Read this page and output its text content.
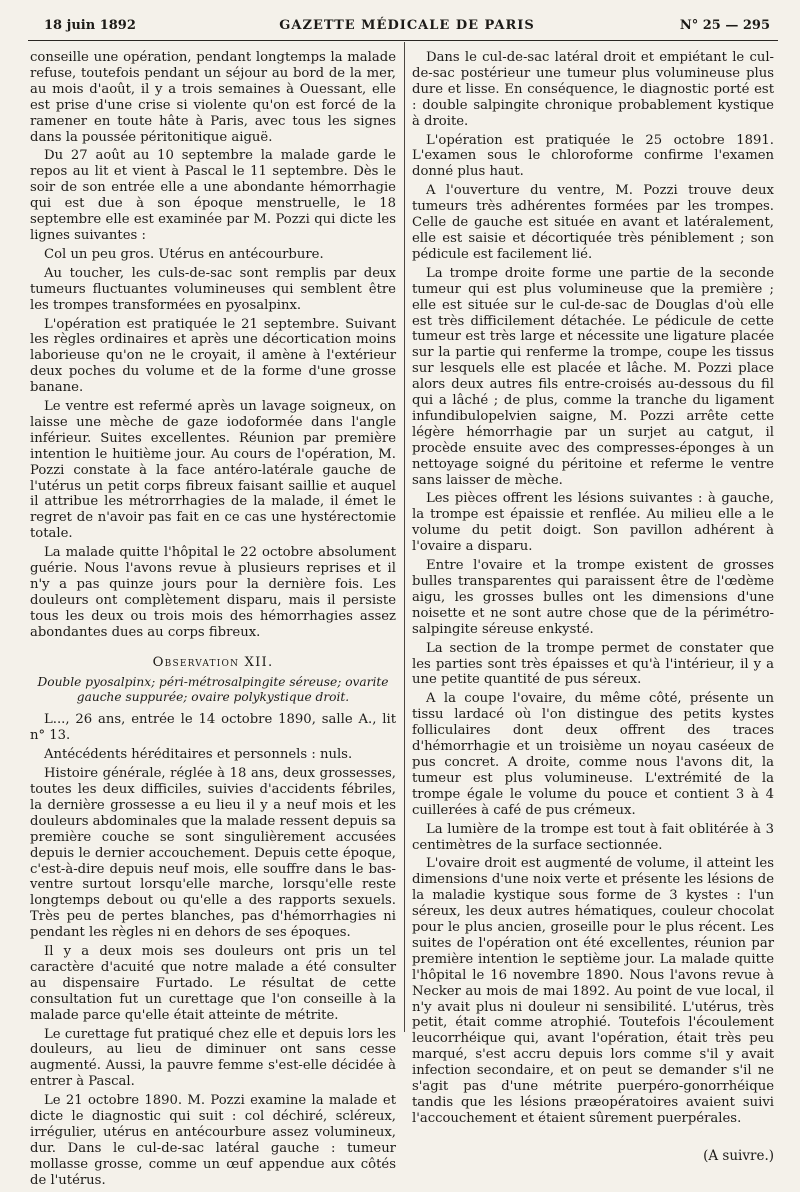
18 juin 1892	GAZETTE MÉDICALE DE PARIS	N° 25 — 295

conseille une opération, pendant longtemps la malade refuse, toutefois pendant un séjour au bord de la mer, au mois d'août, il y a trois semaines à Ouessant, elle est prise d'une crise si violente qu'on est forcé de la ramener en toute hâte à Paris, avec tous les signes dans la poussée péritonitique aiguë.

Du 27 août au 10 septembre la malade garde le repos au lit et vient à Pascal le 11 septembre. Dès le soir de son entrée elle a une abondante hémorrhagie qui est due à son époque menstruelle, le 18 septembre elle est examinée par M. Pozzi qui dicte les lignes suivantes :

Col un peu gros. Utérus en antécourbure.

Au toucher, les culs-de-sac sont remplis par deux tumeurs fluctuantes volumineuses qui semblent être les trompes transformées en pyosalpinx.

L'opération est pratiquée le 21 septembre. Suivant les règles ordinaires et après une décortication moins laborieuse qu'on ne le croyait, il amène à l'extérieur deux poches du volume et de la forme d'une grosse banane.

Le ventre est refermé après un lavage soigneux, on laisse une mèche de gaze iodoformée dans l'angle inférieur. Suites excellentes. Réunion par première intention le huitième jour. Au cours de l'opération, M. Pozzi constate à la face antéro-latérale gauche de l'utérus un petit corps fibreux faisant saillie et auquel il attribue les métrorrhagies de la malade, il émet le regret de n'avoir pas fait en ce cas une hystérectomie totale.

La malade quitte l'hôpital le 22 octobre absolument guérie. Nous l'avons revue à plusieurs reprises et il n'y a pas quinze jours pour la dernière fois. Les douleurs ont complètement disparu, mais il persiste tous les deux ou trois mois des hémorrhagies assez abondantes dues au corps fibreux.

Observation XII.

Double pyosalpinx; péri-métrosalpingite séreuse; ovarite gauche suppurée; ovaire polykystique droit.

L..., 26 ans, entrée le 14 octobre 1890, salle A., lit n° 13.

Antécédents héréditaires et personnels : nuls.

Histoire générale, réglée à 18 ans, deux grossesses, toutes les deux difficiles, suivies d'accidents fébriles, la dernière grossesse a eu lieu il y a neuf mois et les douleurs abdominales que la malade ressent depuis sa première couche se sont singulièrement accusées depuis le dernier accouchement. Depuis cette époque, c'est-à-dire depuis neuf mois, elle souffre dans le bas-ventre surtout lorsqu'elle marche, lorsqu'elle reste longtemps debout ou qu'elle a des rapports sexuels. Très peu de pertes blanches, pas d'hémorrhagies ni pendant les règles ni en dehors de ses époques.

Il y a deux mois ses douleurs ont pris un tel caractère d'acuité que notre malade a été consulter au dispensaire Furtado. Le résultat de cette consultation fut un curettage que l'on conseille à la malade parce qu'elle était atteinte de métrite.

Le curettage fut pratiqué chez elle et depuis lors les douleurs, au lieu de diminuer ont sans cesse augmenté. Aussi, la pauvre femme s'est-elle décidée à entrer à Pascal.

Le 21 octobre 1890. M. Pozzi examine la malade et dicte le diagnostic qui suit : col déchiré, scléreux, irrégulier, utérus en antécourbure assez volumineux, dur. Dans le cul-de-sac latéral gauche : tumeur mollasse grosse, comme un œuf appendue aux côtés de l'utérus.

Dans le cul-de-sac latéral droit et empiétant le cul-de-sac postérieur une tumeur plus volumineuse plus dure et lisse. En conséquence, le diagnostic porté est : double salpingite chronique probablement kystique à droite.

L'opération est pratiquée le 25 octobre 1891. L'examen sous le chloroforme confirme l'examen donné plus haut.

A l'ouverture du ventre, M. Pozzi trouve deux tumeurs très adhérentes formées par les trompes. Celle de gauche est située en avant et latéralement, elle est saisie et décortiquée très péniblement ; son pédicule est facilement lié.

La trompe droite forme une partie de la seconde tumeur qui est plus volumineuse que la première ; elle est située sur le cul-de-sac de Douglas d'où elle est très difficilement détachée. Le pédicule de cette tumeur est très large et nécessite une ligature placée sur la partie qui renferme la trompe, coupe les tissus sur lesquels elle est placée et lâche. M. Pozzi place alors deux autres fils entre-croisés au-dessous du fil qui a lâché ; de plus, comme la tranche du ligament infundibulopelvien saigne, M. Pozzi arrête cette légère hémorrhagie par un surjet au catgut, il procède ensuite avec des compresses-éponges à un nettoyage soigné du péritoine et referme le ventre sans laisser de mèche.

Les pièces offrent les lésions suivantes : à gauche, la trompe est épaissie et renflée. Au milieu elle a le volume du petit doigt. Son pavillon adhérent à l'ovaire a disparu.

Entre l'ovaire et la trompe existent de grosses bulles transparentes qui paraissent être de l'œdème aigu, les grosses bulles ont les dimensions d'une noisette et ne sont autre chose que de la périmétro-salpingite séreuse enkysté.

La section de la trompe permet de constater que les parties sont très épaisses et qu'à l'intérieur, il y a une petite quantité de pus séreux.

A la coupe l'ovaire, du même côté, présente un tissu lardacé où l'on distingue des petits kystes folliculaires dont deux offrent des traces d'hémorrhagie et un troisième un noyau caséeux de pus concret. A droite, comme nous l'avons dit, la tumeur est plus volumineuse. L'extrémité de la trompe égale le volume du pouce et contient 3 à 4 cuillerées à café de pus crémeux.

La lumière de la trompe est tout à fait oblitérée à 3 centimètres de la surface sectionnée.

L'ovaire droit est augmenté de volume, il atteint les dimensions d'une noix verte et présente les lésions de la maladie kystique sous forme de 3 kystes : l'un séreux, les deux autres hématiques, couleur chocolat pour le plus ancien, groseille pour le plus récent. Les suites de l'opération ont été excellentes, réunion par première intention le septième jour. La malade quitte l'hôpital le 16 novembre 1890. Nous l'avons revue à Necker au mois de mai 1892. Au point de vue local, il n'y avait plus ni douleur ni sensibilité. L'utérus, très petit, était comme atrophié. Toutefois l'écoulement leucorrhéique qui, avant l'opération, était très peu marqué, s'est accru depuis lors comme s'il y avait infection secondaire, et on peut se demander s'il ne s'agit pas d'une métrite puerpéro-gonorrhéique tandis que les lésions præopératoires avaient suivi l'accouchement et étaient sûrement puerpérales.

(A suivre.)
